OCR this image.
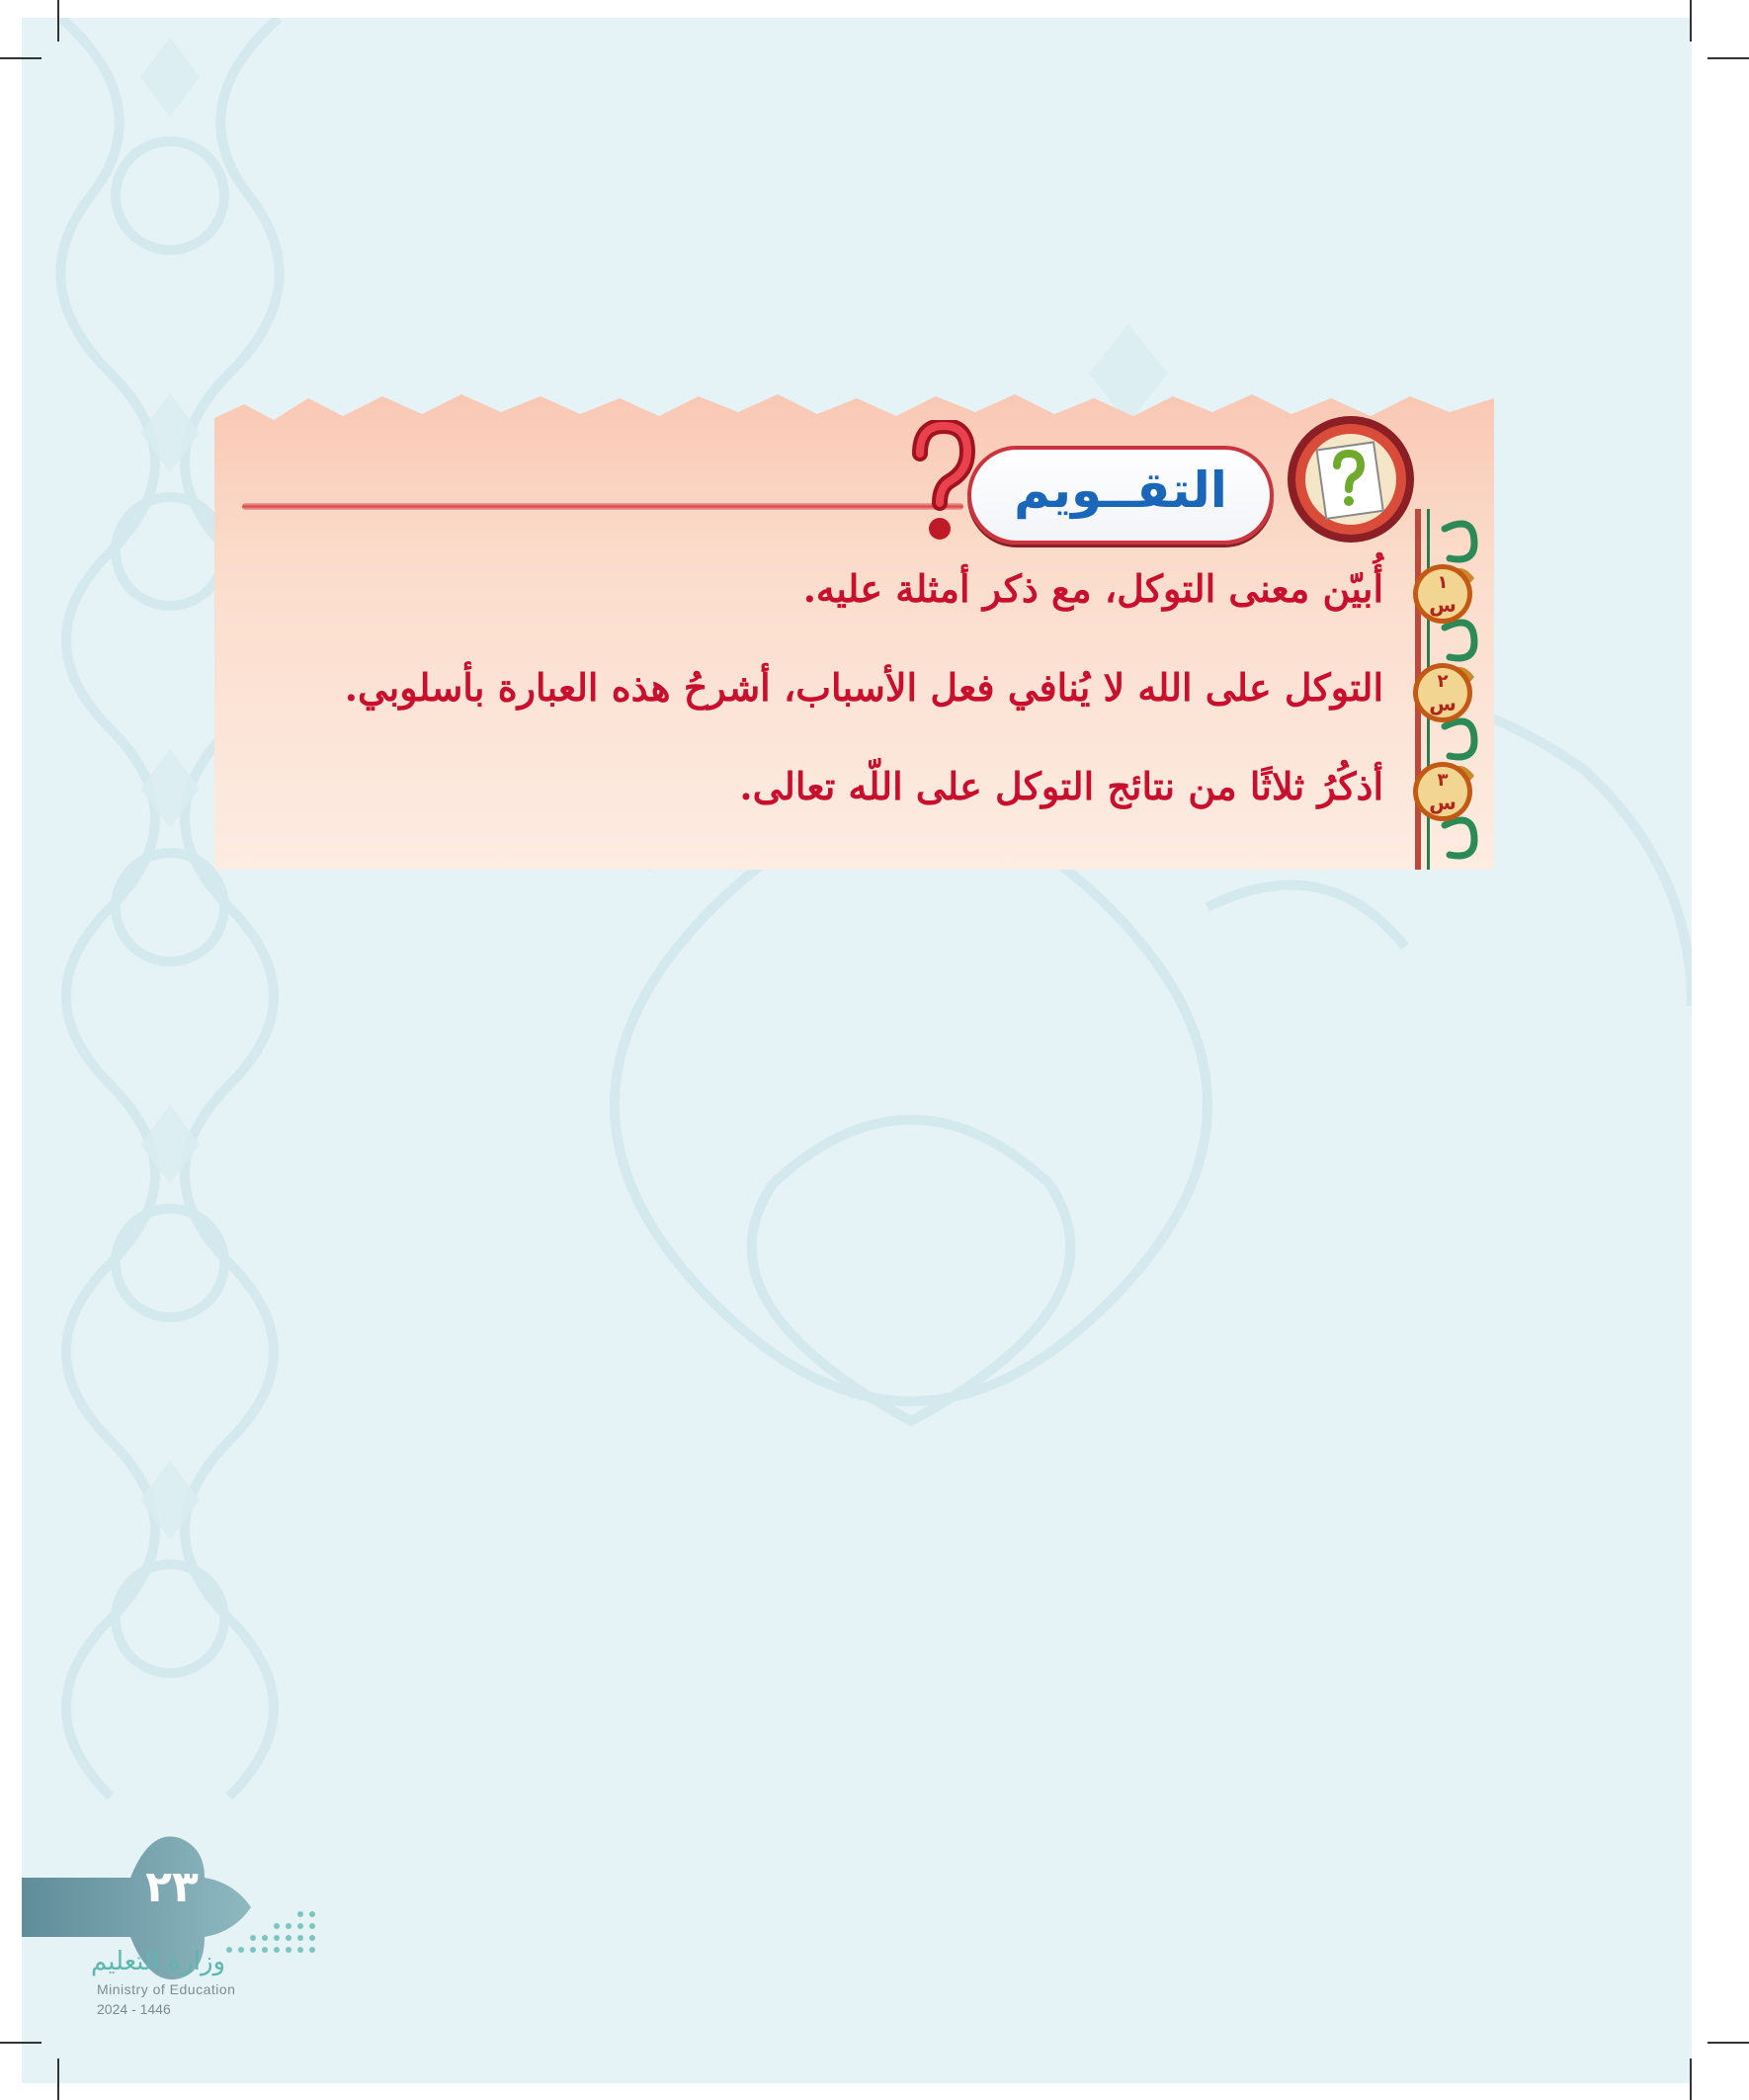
التقــويم
١
س
أُبيّن معنى التوكل، مع ذكر أمثلة عليه.
٢
س
التوكل على الله لا يُنافي فعل الأسباب، أشرحُ هذه العبارة بأسلوبي.
٣
س
أذكُرُ ثلاثًا من نتائج التوكل على اللّه تعالى.
٢٣
وزارة التعليم
Ministry of Education
2024 - 1446
